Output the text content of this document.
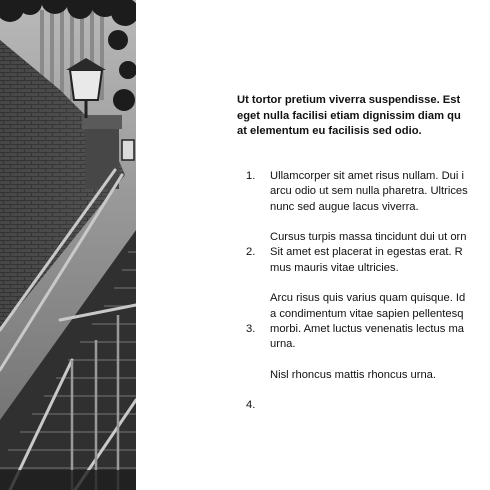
Ut tortor pretium viverra suspendisse. Est
eget nulla facilisi etiam dignissim diam qu
at elementum eu facilisis sed odio.
1. Ullamcorper sit amet risus nullam. Dui i
arcu odio ut sem nulla pharetra. Ultrices
nunc sed augue lacus viverra.
Cursus turpis massa tincidunt dui ut orn
2. Sit amet est placerat in egestas erat. R
mus mauris vitae ultricies.
Arcu risus quis varius quam quisque. Id
a condimentum vitae sapien pellentesq
3. morbi. Amet luctus venenatis lectus ma
urna.
Nisl rhoncus mattis rhoncus urna.
4.
